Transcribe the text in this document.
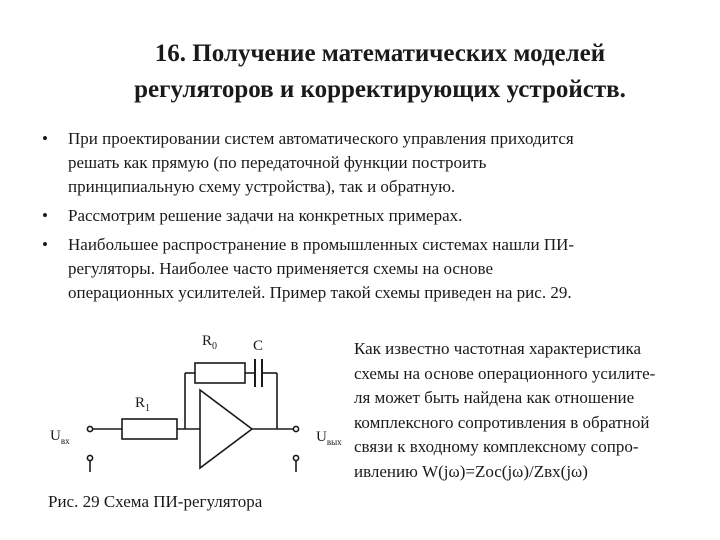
16. Получение математических моделей
регуляторов и корректирующих устройств.
• При проектировании систем автоматического управления приходится
решать как прямую (по передаточной функции построить
принципиальную схему устройства), так и обратную.
• Рассмотрим решение задачи на конкретных примерах.
• Наибольшее распространение в промышленных системах нашли ПИ-
регуляторы. Наиболее часто применяется схемы на основе
операционных усилителей. Пример такой схемы приведен на рис. 29.
$R_0$ C
$R_1$
$U_{вх}$	$U_{вых}$
Как известно частотная характеристика
схемы на основе операционного усилите-
ля может быть найдена как отношение
комплексного сопротивления в обратной
связи к входному комплексному сопро-
ивлению W(jω)=Zос(jω)/Zвх(jω)
Рис. 29 Схема ПИ-регулятора
